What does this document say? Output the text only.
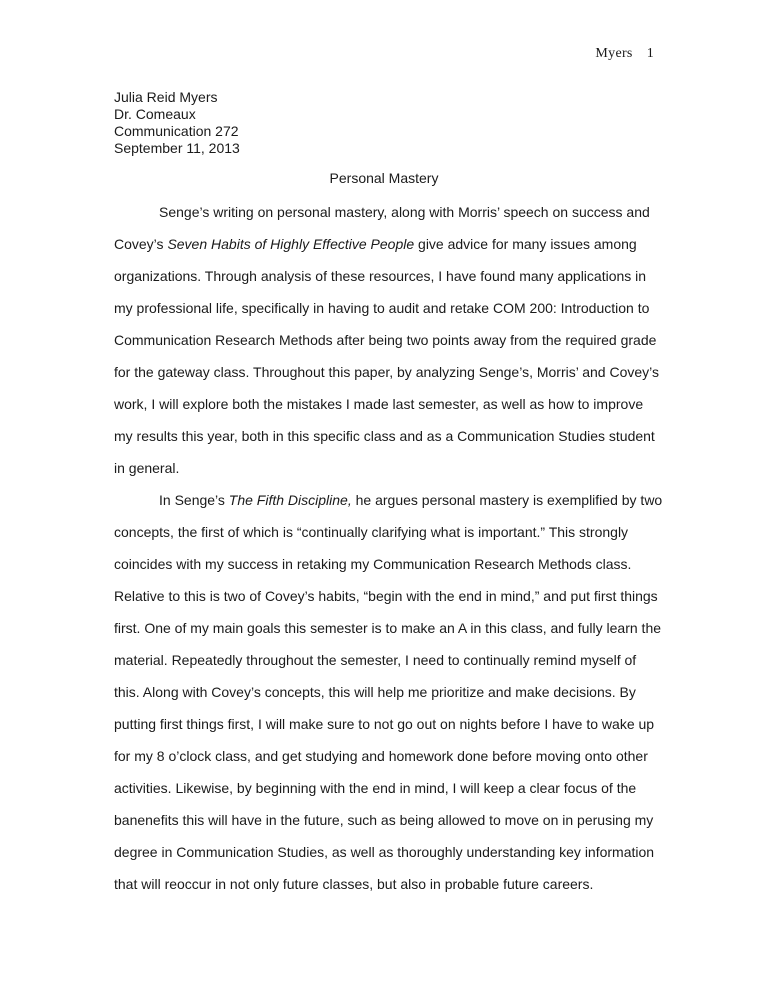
Myers 1
Julia Reid Myers
Dr. Comeaux
Communication 272
September 11, 2013
Personal Mastery
Senge’s writing on personal mastery, along with Morris’ speech on success and
Covey’s Seven Habits of Highly Effective People give advice for many issues among
organizations. Through analysis of these resources, I have found many applications in
my professional life, specifically in having to audit and retake COM 200: Introduction to
Communication Research Methods after being two points away from the required grade
for the gateway class. Throughout this paper, by analyzing Senge’s, Morris’ and Covey’s
work, I will explore both the mistakes I made last semester, as well as how to improve
my results this year, both in this specific class and as a Communication Studies student
in general.
In Senge’s The Fifth Discipline, he argues personal mastery is exemplified by two
concepts, the first of which is “continually clarifying what is important.” This strongly
coincides with my success in retaking my Communication Research Methods class.
Relative to this is two of Covey’s habits, “begin with the end in mind,” and put first things
first. One of my main goals this semester is to make an A in this class, and fully learn the
material. Repeatedly throughout the semester, I need to continually remind myself of
this. Along with Covey’s concepts, this will help me prioritize and make decisions. By
putting first things first, I will make sure to not go out on nights before I have to wake up
for my 8 o’clock class, and get studying and homework done before moving onto other
activities. Likewise, by beginning with the end in mind, I will keep a clear focus of the
banenefits this will have in the future, such as being allowed to move on in perusing my
degree in Communication Studies, as well as thoroughly understanding key information
that will reoccur in not only future classes, but also in probable future careers.
